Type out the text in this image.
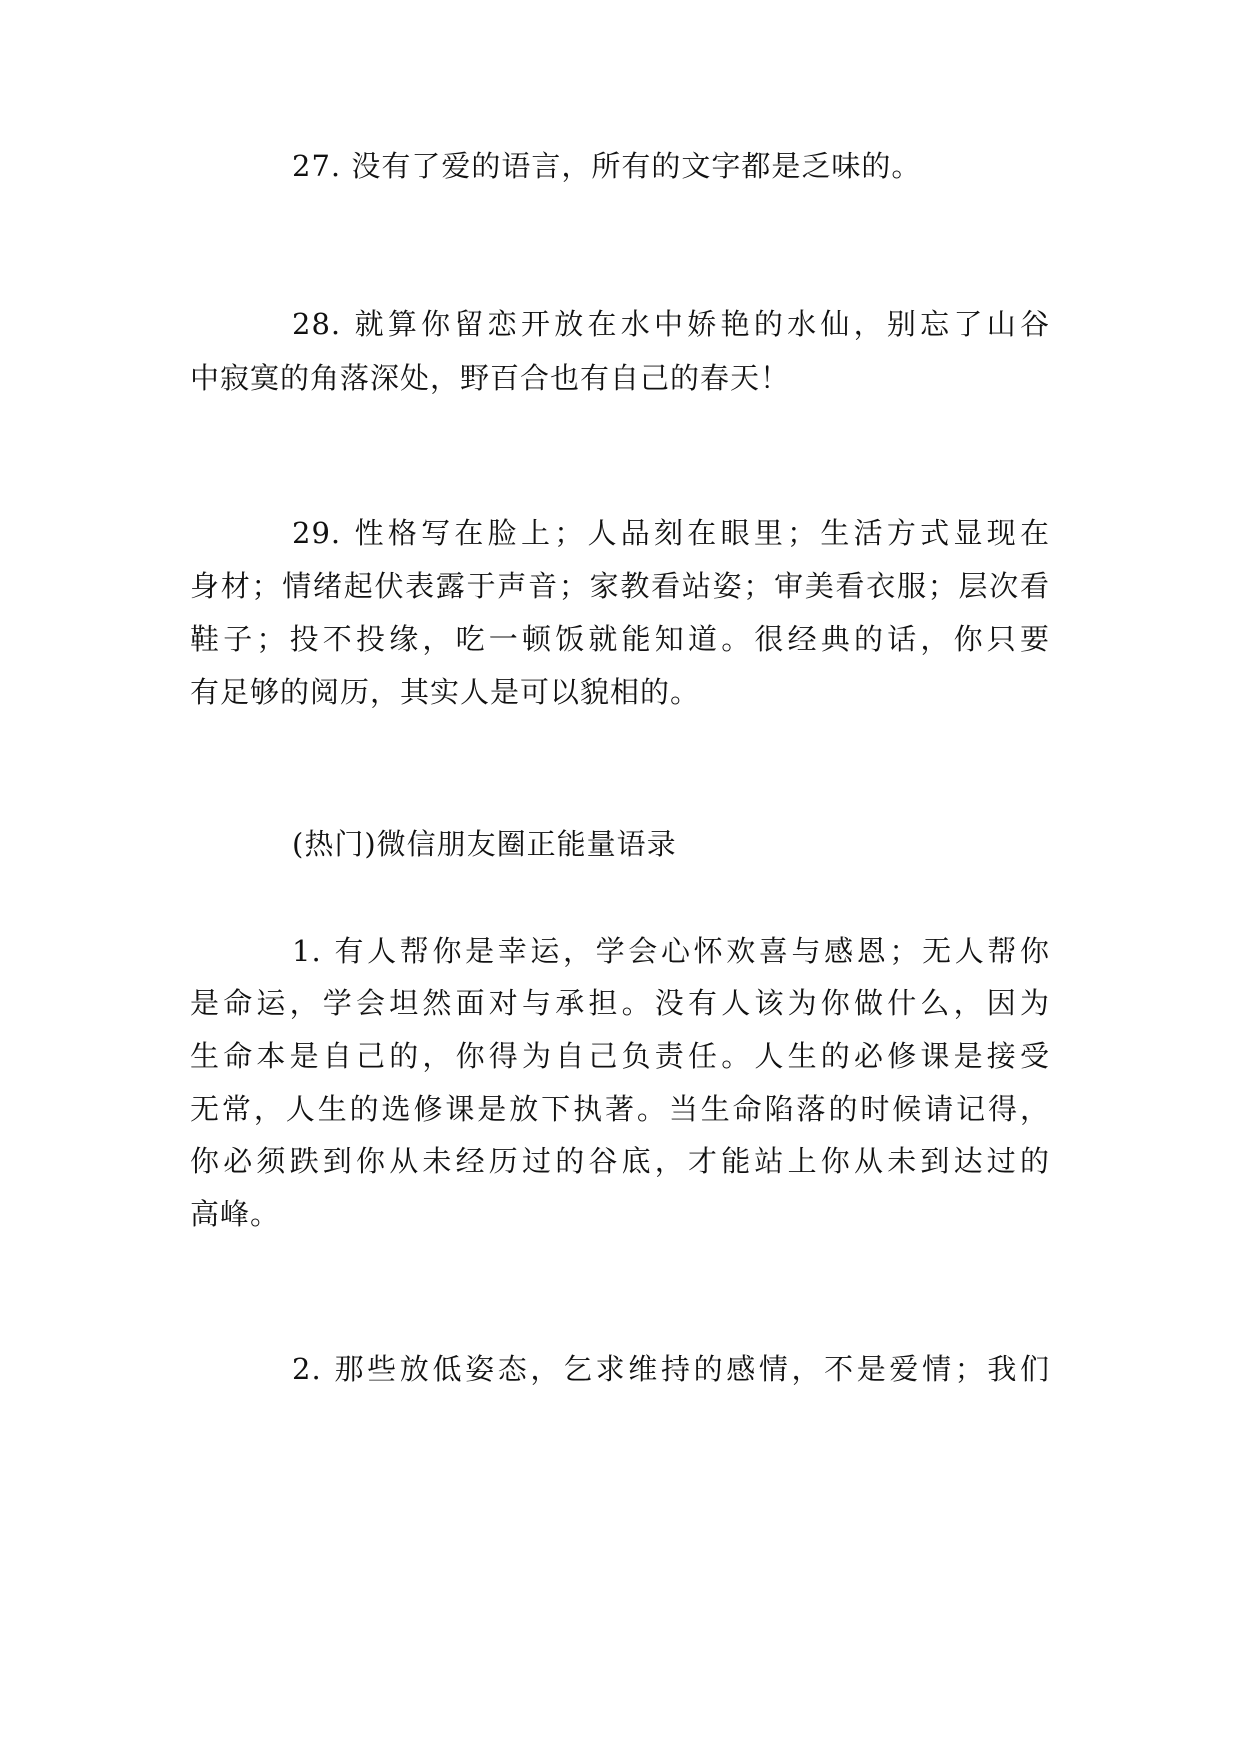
27. 没有了爱的语言，所有的文字都是乏味的。
28. 就算你留恋开放在水中娇艳的水仙，别忘了山谷
中寂寞的角落深处，野百合也有自己的春天！
29. 性格写在脸上；人品刻在眼里；生活方式显现在
身材；情绪起伏表露于声音；家教看站姿；审美看衣服；层次看
鞋子；投不投缘，吃一顿饭就能知道。很经典的话，你只要
有足够的阅历，其实人是可以貌相的。
(热门)微信朋友圈正能量语录
1. 有人帮你是幸运，学会心怀欢喜与感恩；无人帮你
是命运，学会坦然面对与承担。没有人该为你做什么，因为
生命本是自己的，你得为自己负责任。人生的必修课是接受
无常，人生的选修课是放下执著。当生命陷落的时候请记得，
你必须跌到你从未经历过的谷底，才能站上你从未到达过的
高峰。
2. 那些放低姿态，乞求维持的感情，不是爱情；我们
